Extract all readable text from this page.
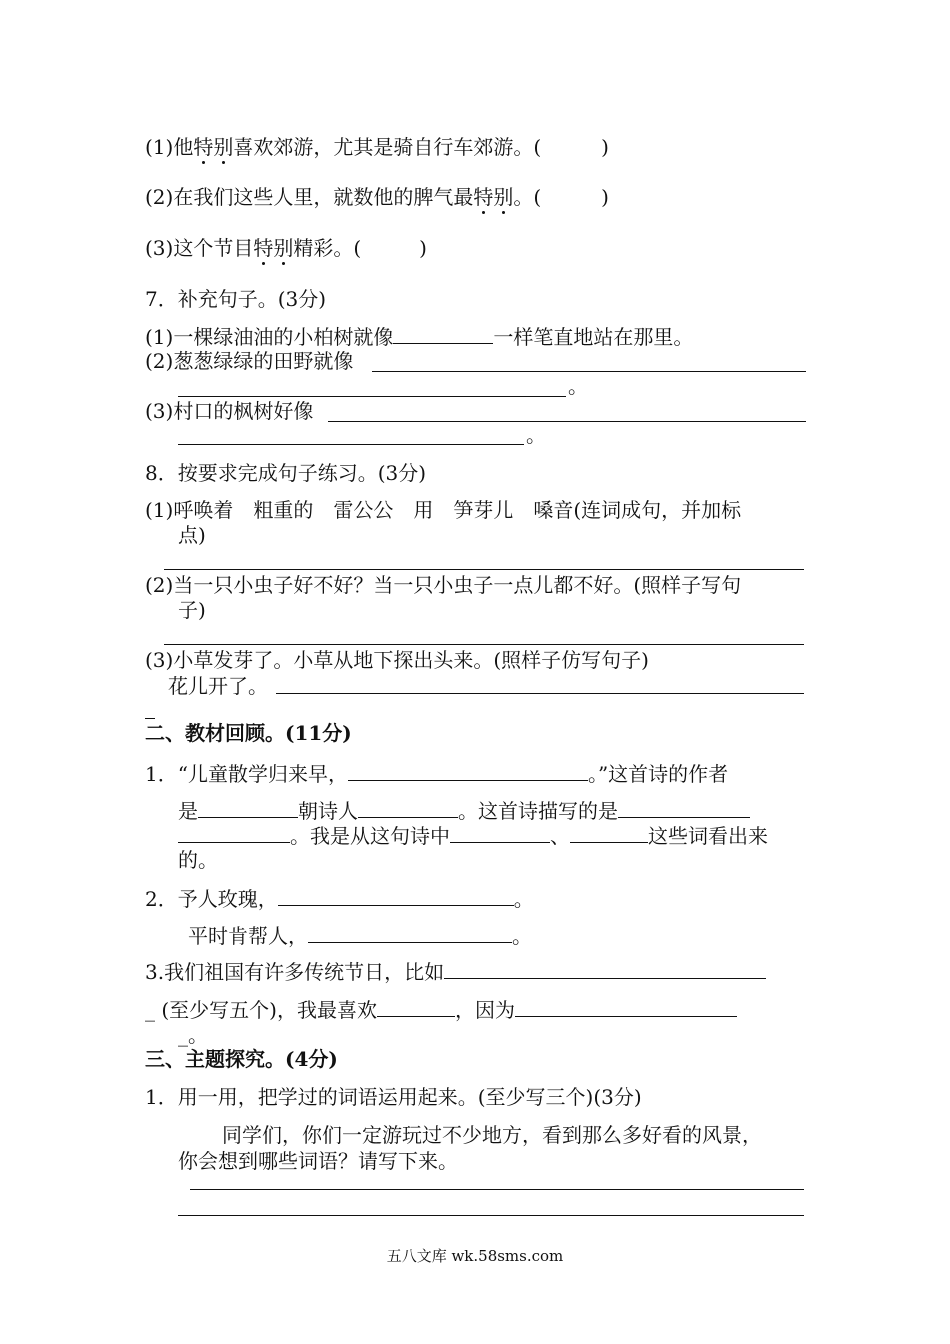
(1)他特别喜欢郊游，尤其是骑自行车郊游。(	)
(2)在我们这些人里，就数他的脾气最特别。(	)
(3)这个节目特别精彩。(	)
7．补充句子。(3分)
(1)一棵绿油油的小柏树就像	一样笔直地站在那里。
(2)葱葱绿绿的田野就像
。
(3)村口的枫树好像
。
8．按要求完成句子练习。(3分)
(1)呼唤着　粗重的　雷公公　用　笋芽儿　嗓音(连词成句，并加标
点)
(2)当一只小虫子好不好？当一只小虫子一点儿都不好。(照样子写句
子)
(3)小草发芽了。小草从地下探出头来。(照样子仿写句子)
花儿开了。
二、教材回顾。(11分)
1．“儿童散学归来早，	。”这首诗的作者
是	朝诗人	。这首诗描写的是
。我是从这句诗中	、	这些词看出来
的。
2．予人玫瑰，	。
平时肯帮人，	。
3.我们祖国有许多传统节日，比如
_ (至少写五个)，我最喜欢	，因为
_。
三、主题探究。(4分)
1．用一用，把学过的词语运用起来。(至少写三个)(3分)
同学们，你们一定游玩过不少地方，看到那么多好看的风景，
你会想到哪些词语？请写下来。
五八文库 wk.58sms.com
